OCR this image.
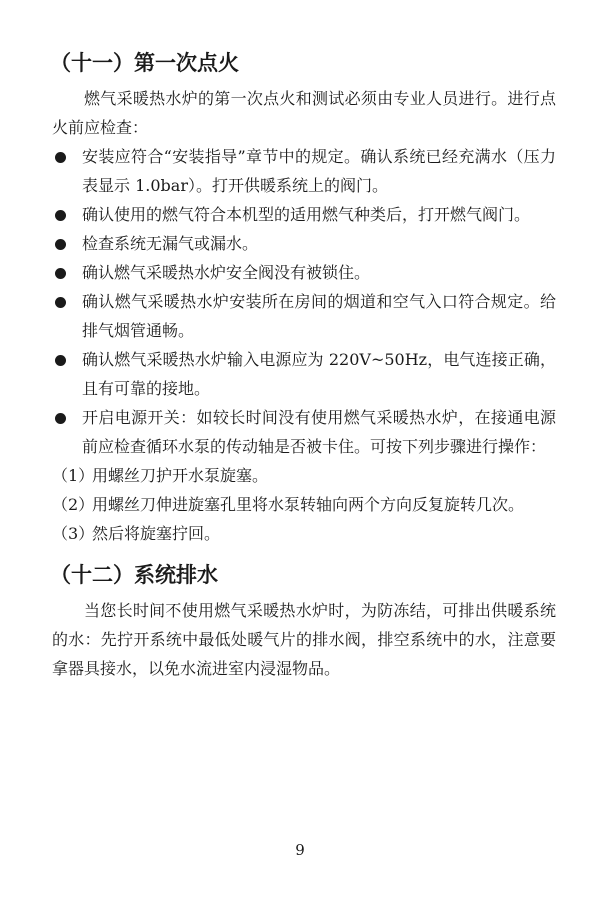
（十一）第一次点火

燃气采暖热水炉的第一次点火和测试必须由专业人员进行。进行点火前应检查：

安装应符合“安装指导”章节中的规定。确认系统已经充满水（压力表显示 1.0bar）。打开供暖系统上的阀门。
确认使用的燃气符合本机型的适用燃气种类后，打开燃气阀门。
检查系统无漏气或漏水。
确认燃气采暖热水炉安全阀没有被锁住。
确认燃气采暖热水炉安装所在房间的烟道和空气入口符合规定。给排气烟管通畅。
确认燃气采暖热水炉输入电源应为 220V~50Hz，电气连接正确，且有可靠的接地。
开启电源开关：如较长时间没有使用燃气采暖热水炉，在接通电源前应检查循环水泵的传动轴是否被卡住。可按下列步骤进行操作：
（1）
用螺丝刀护开水泵旋塞。
（2）
用螺丝刀伸进旋塞孔里将水泵转轴向两个方向反复旋转几次。
（3）
然后将旋塞拧回。
（十二）系统排水

当您长时间不使用燃气采暖热水炉时，为防冻结，可排出供暖系统的水：先拧开系统中最低处暖气片的排水阀，排空系统中的水，注意要拿器具接水，以免水流进室内浸湿物品。

9
